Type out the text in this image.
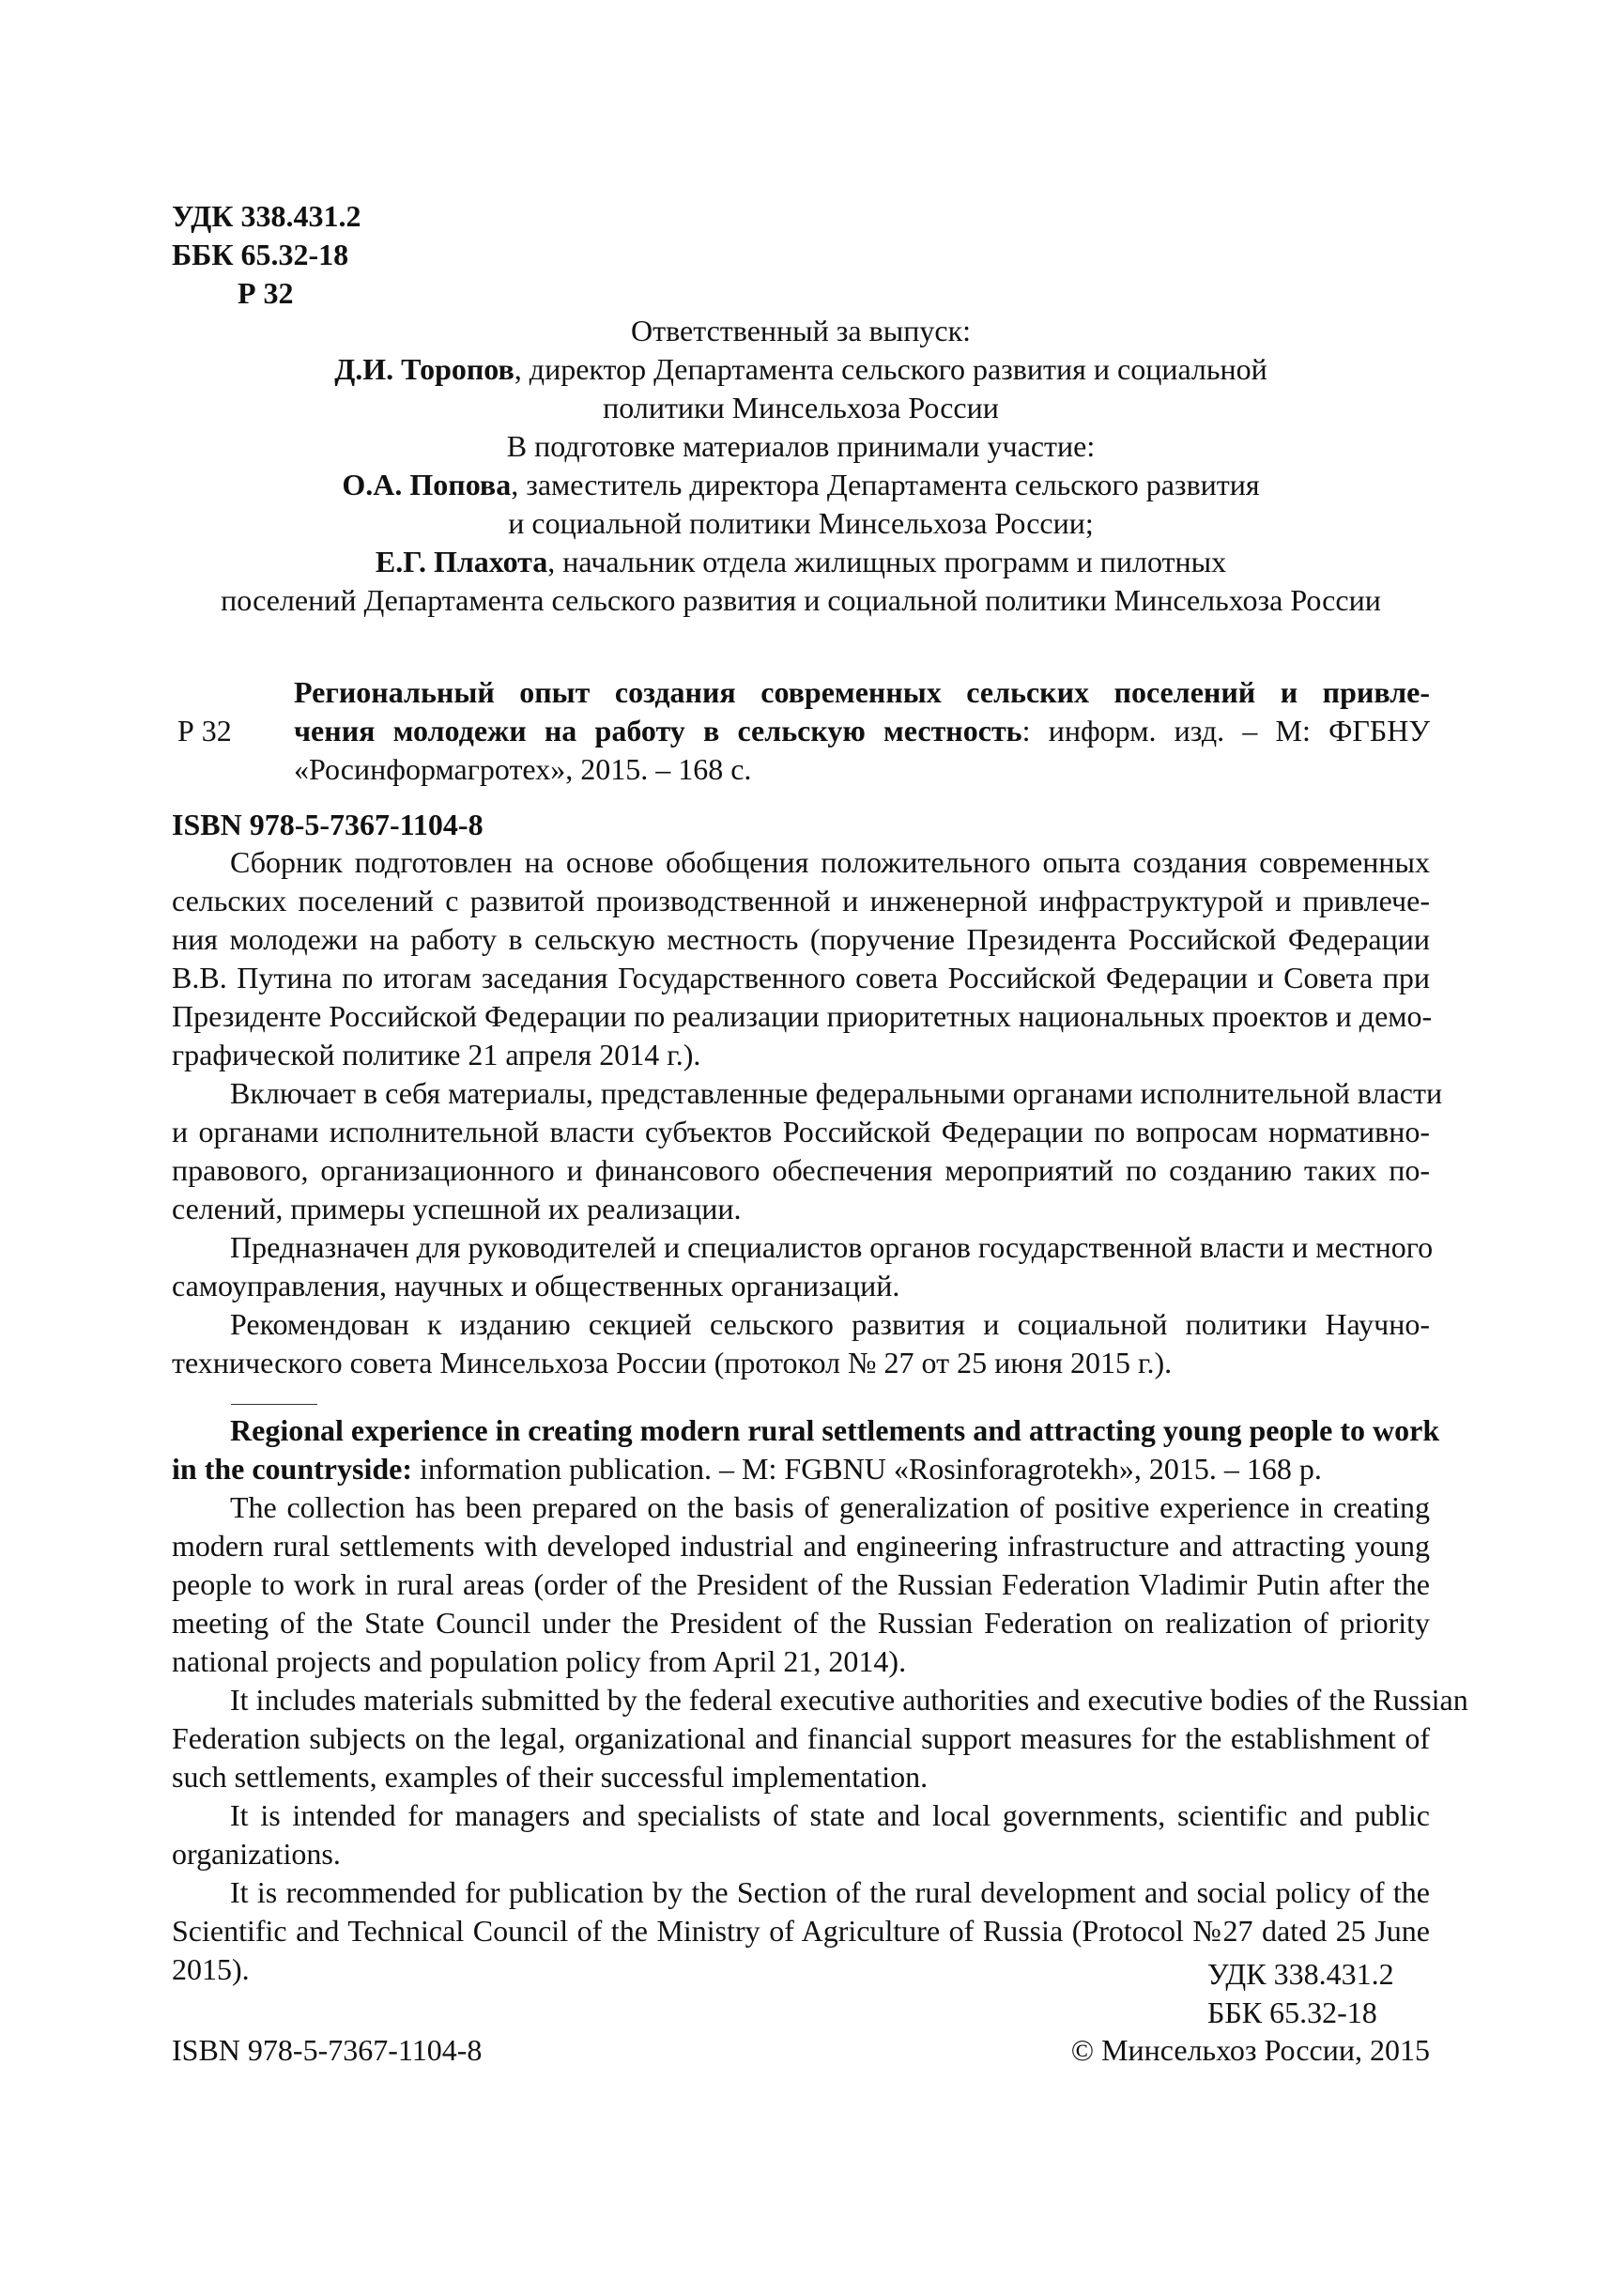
УДК 338.431.2
ББК 65.32-18
Р 32
Ответственный за выпуск:
Д.И. Торопов, директор Департамента сельского развития и социальной
политики Минсельхоза России
В подготовке материалов принимали участие:
О.А. Попова, заместитель директора Департамента сельского развития
и социальной политики Минсельхоза России;
Е.Г. Плахота, начальник отдела жилищных программ и пилотных
поселений Департамента сельского развития и социальной политики Минсельхоза России
Р 32
Региональный опыт создания современных сельских поселений и привле-
чения молодежи на работу в сельскую местность: информ. изд. – М: ФГБНУ
«Росинформагротех», 2015. – 168 с.
ISBN 978-5-7367-1104-8
Сборник подготовлен на основе обобщения положительного опыта создания современных
сельских поселений с развитой производственной и инженерной инфраструктурой и привлече-
ния молодежи на работу в сельскую местность (поручение Президента Российской Федерации
В.В. Путина по итогам заседания Государственного совета Российской Федерации и Совета при
Президенте Российской Федерации по реализации приоритетных национальных проектов и демо-
графической политике 21 апреля 2014 г.).
Включает в себя материалы, представленные федеральными органами исполнительной власти
и органами исполнительной власти субъектов Российской Федерации по вопросам нормативно-
правового, организационного и финансового обеспечения мероприятий по созданию таких по-
селений, примеры успешной их реализации.
Предназначен для руководителей и специалистов органов государственной власти и местного
самоуправления, научных и общественных организаций.
Рекомендован к изданию секцией сельского развития и социальной политики Научно-
технического совета Минсельхоза России (протокол № 27 от 25 июня 2015 г.).
Regional experience in creating modern rural settlements and attracting young people to work
in the countryside: information publication. – M: FGBNU «Rosinforagrotekh», 2015. – 168 p.
The collection has been prepared on the basis of generalization of positive experience in creating
modern rural settlements with developed industrial and engineering infrastructure and attracting young
people to work in rural areas (order of the President of the Russian Federation Vladimir Putin after the
meeting of the State Council under the President of the Russian Federation on realization of priority
national projects and population policy from April 21, 2014).
It includes materials submitted by the federal executive authorities and executive bodies of the Russian
Federation subjects on the legal, organizational and financial support measures for the establishment of
such settlements, examples of their successful implementation.
It is intended for managers and specialists of state and local governments, scientific and public
organizations.
It is recommended for publication by the Section of the rural development and social policy of the
Scientific and Technical Council of the Ministry of Agriculture of Russia (Protocol №27 dated 25 June
2015).	УДК 338.431.2
ББК 65.32-18
ISBN 978-5-7367-1104-8	© Минсельхоз России, 2015
